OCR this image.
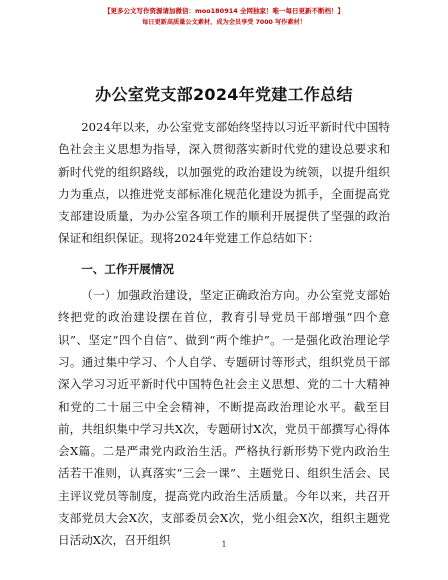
【更多公文写作资源请加微信：moo180914 全网独家！唯一每日更新不断档！】
每日更新高质量公文素材，成为会员享受 7000 写作素材！
办公室党支部2024年党建工作总结

2024年以来，办公室党支部始终坚持以习近平新时代中国特色社会主义思想为指导，深入贯彻落实新时代党的建设总要求和新时代党的组织路线，以加强党的政治建设为统领，以提升组织力为重点，以推进党支部标准化规范化建设为抓手，全面提高党支部建设质量，为办公室各项工作的顺利开展提供了坚强的政治保证和组织保证。现将2024年党建工作总结如下：

一、工作开展情况

（一）加强政治建设，坚定正确政治方向。办公室党支部始终把党的政治建设摆在首位，教育引导党员干部增强“四个意识”、坚定“四个自信”、做到“两个维护”。一是强化政治理论学习。通过集中学习、个人自学、专题研讨等形式，组织党员干部深入学习习近平新时代中国特色社会主义思想、党的二十大精神和党的二十届三中全会精神，不断提高政治理论水平。截至目前，共组织集中学习共X次，专题研讨X次，党员干部撰写心得体会X篇。二是严肃党内政治生活。严格执行新形势下党内政治生活若干准则，认真落实“三会一课”、主题党日、组织生活会、民主评议党员等制度，提高党内政治生活质量。今年以来，共召开支部党员大会X次，支部委员会X次，党小组会X次，组织主题党日活动X次，召开组织	1
